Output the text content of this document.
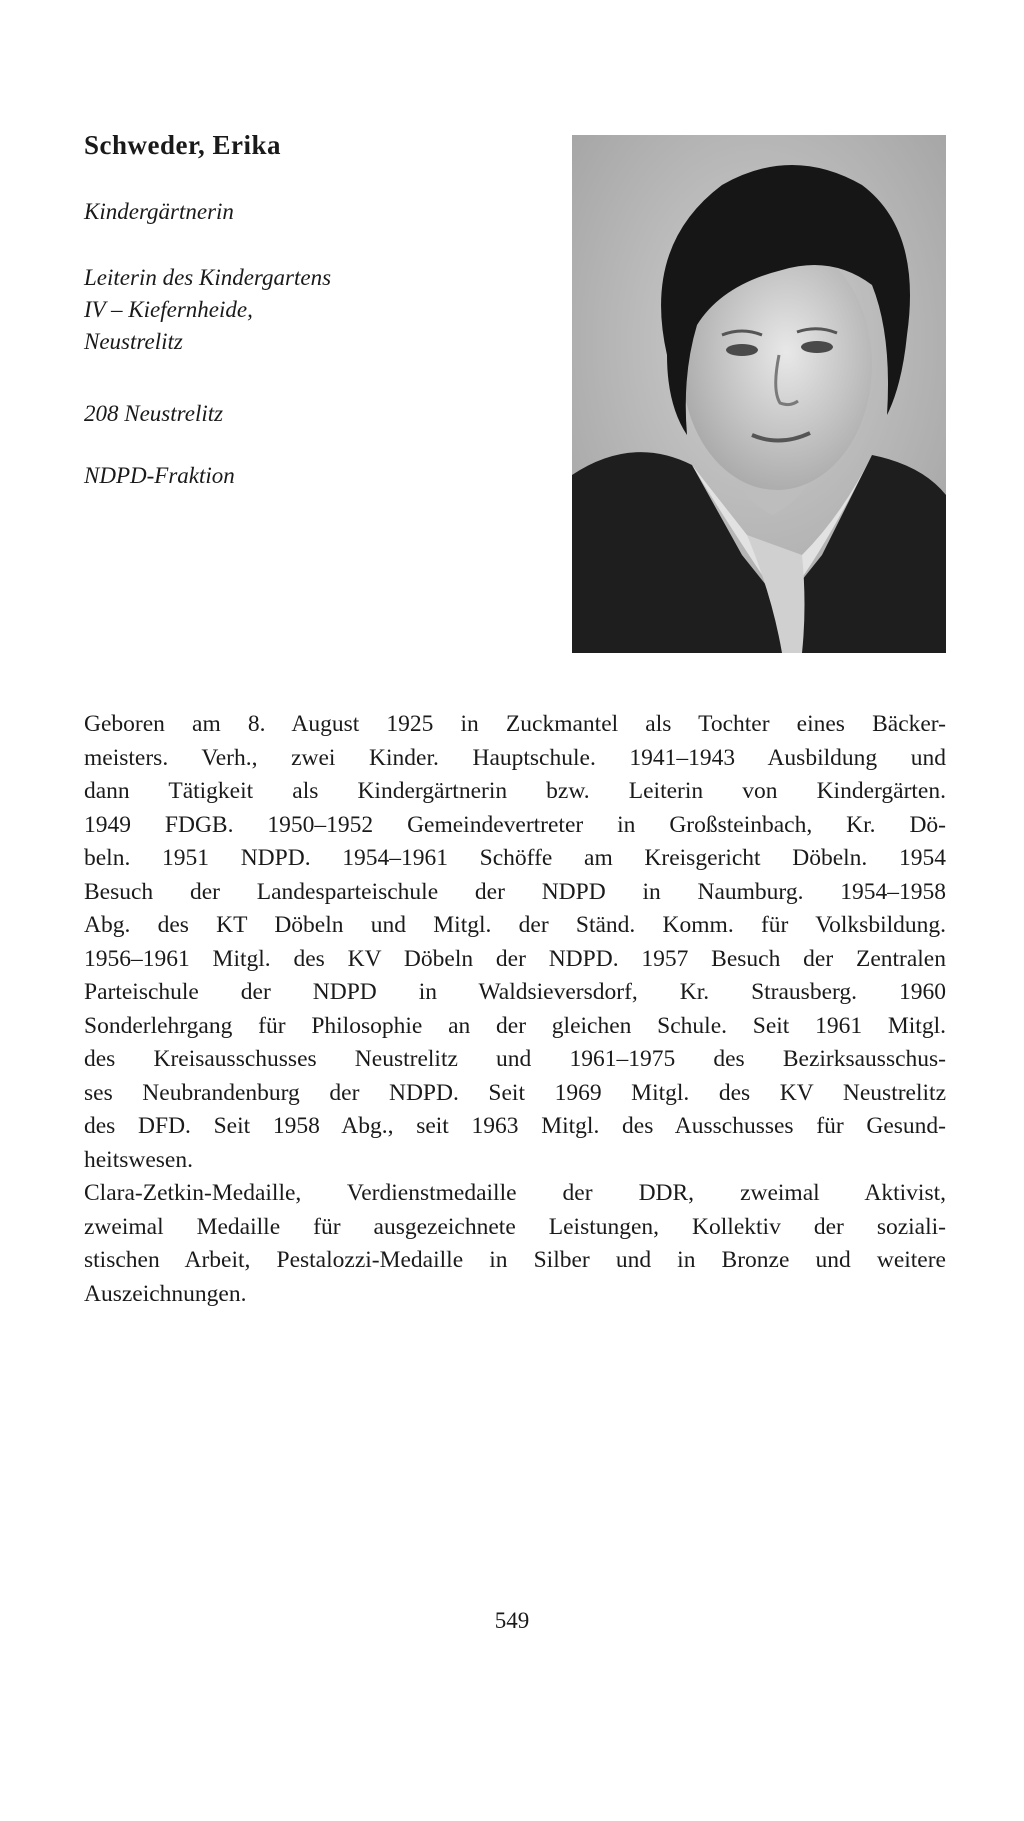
Schweder, Erika
Kindergärtnerin
Leiterin des Kindergartens
IV – Kiefernheide,
Neustrelitz
208 Neustrelitz
NDPD-Fraktion
Geboren am 8. August 1925 in Zuckmantel als Tochter eines Bäcker-
meisters. Verh., zwei Kinder. Hauptschule. 1941–1943 Ausbildung und
dann Tätigkeit als Kindergärtnerin bzw. Leiterin von Kindergärten.
1949 FDGB. 1950–1952 Gemeindevertreter in Großsteinbach, Kr. Dö-
beln. 1951 NDPD. 1954–1961 Schöffe am Kreisgericht Döbeln. 1954
Besuch der Landesparteischule der NDPD in Naumburg. 1954–1958
Abg. des KT Döbeln und Mitgl. der Ständ. Komm. für Volksbildung.
1956–1961 Mitgl. des KV Döbeln der NDPD. 1957 Besuch der Zentralen
Parteischule der NDPD in Waldsieversdorf, Kr. Strausberg. 1960
Sonderlehrgang für Philosophie an der gleichen Schule. Seit 1961 Mitgl.
des Kreisausschusses Neustrelitz und 1961–1975 des Bezirksausschus-
ses Neubrandenburg der NDPD. Seit 1969 Mitgl. des KV Neustrelitz
des DFD. Seit 1958 Abg., seit 1963 Mitgl. des Ausschusses für Gesund-
heitswesen.
Clara-Zetkin-Medaille, Verdienstmedaille der DDR, zweimal Aktivist,
zweimal Medaille für ausgezeichnete Leistungen, Kollektiv der soziali-
stischen Arbeit, Pestalozzi-Medaille in Silber und in Bronze und weitere
Auszeichnungen.
549
